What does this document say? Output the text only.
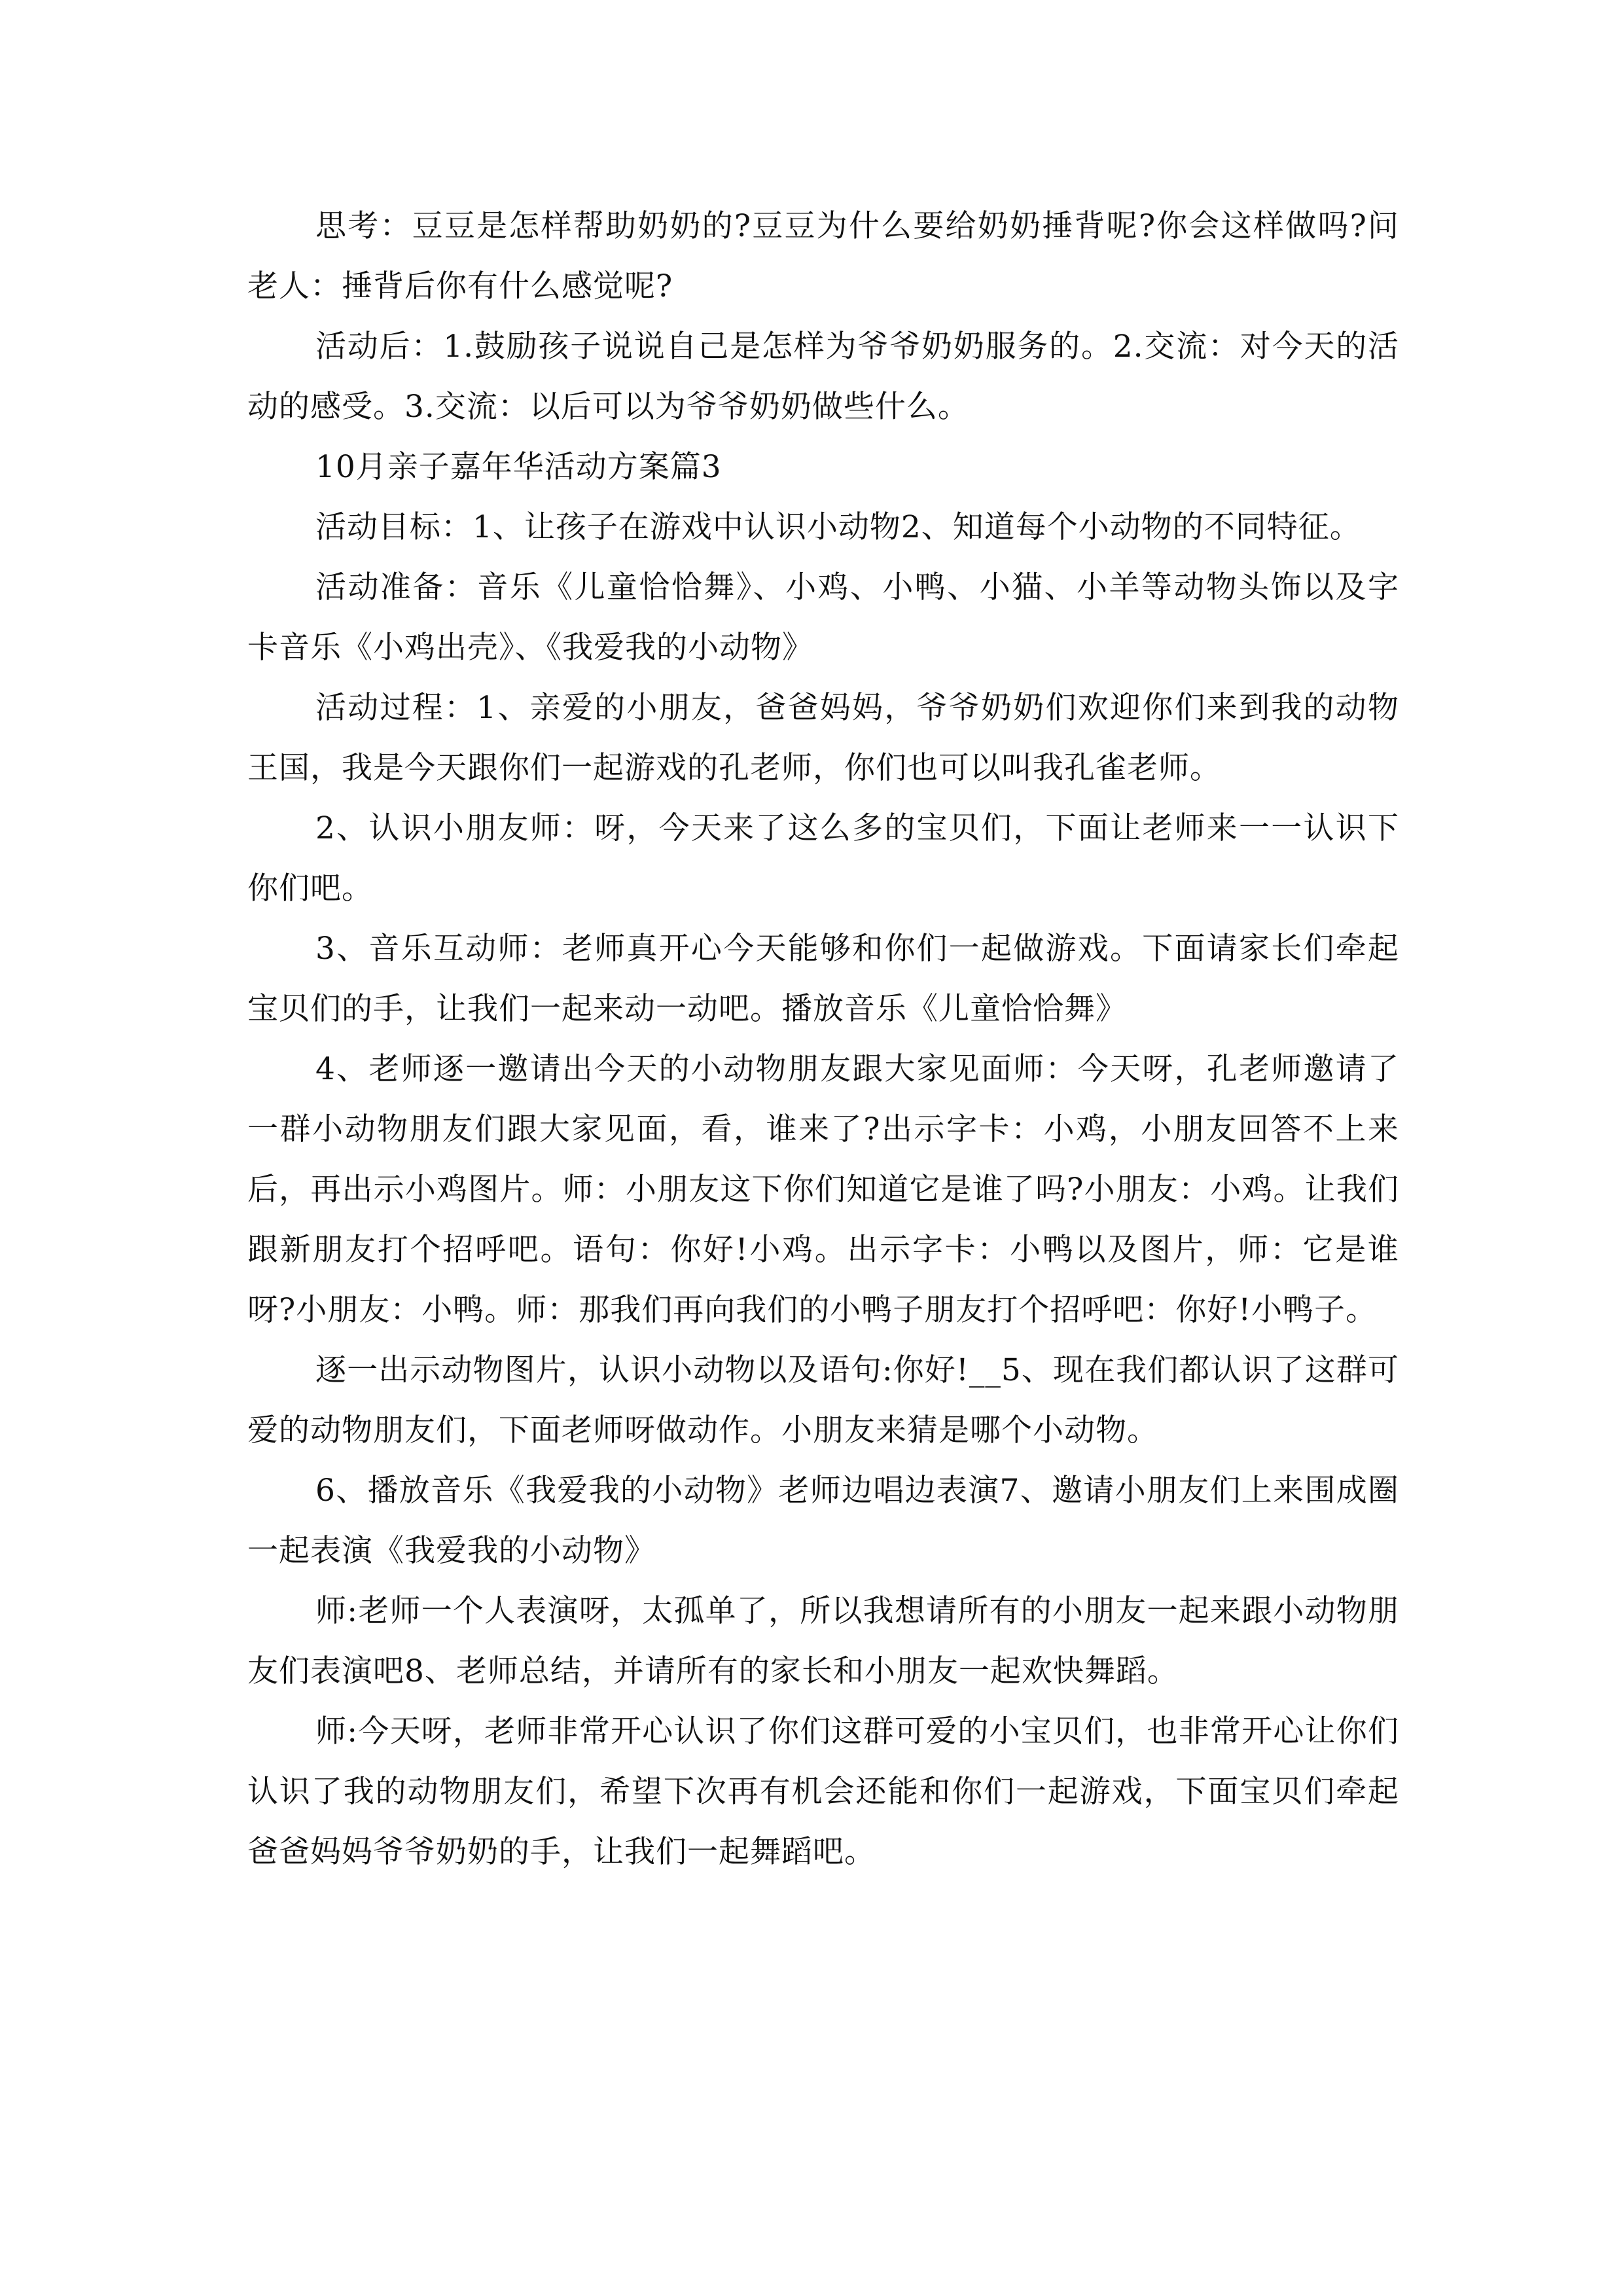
思考：豆豆是怎样帮助奶奶的?豆豆为什么要给奶奶捶背呢?你会这样做吗?问老人：捶背后你有什么感觉呢?

活动后：1.鼓励孩子说说自己是怎样为爷爷奶奶服务的。2.交流：对今天的活动的感受。3.交流：以后可以为爷爷奶奶做些什么。

10月亲子嘉年华活动方案篇3

活动目标：1、让孩子在游戏中认识小动物2、知道每个小动物的不同特征。

活动准备：音乐《儿童恰恰舞》、小鸡、小鸭、小猫、小羊等动物头饰以及字卡音乐《小鸡出壳》、《我爱我的小动物》

活动过程：1、亲爱的小朋友，爸爸妈妈，爷爷奶奶们欢迎你们来到我的动物王国，我是今天跟你们一起游戏的孔老师，你们也可以叫我孔雀老师。

2、认识小朋友师：呀，今天来了这么多的宝贝们，下面让老师来一一认识下你们吧。

3、音乐互动师：老师真开心今天能够和你们一起做游戏。下面请家长们牵起宝贝们的手，让我们一起来动一动吧。播放音乐《儿童恰恰舞》

4、老师逐一邀请出今天的小动物朋友跟大家见面师：今天呀，孔老师邀请了一群小动物朋友们跟大家见面，看，谁来了?出示字卡：小鸡，小朋友回答不上来后，再出示小鸡图片。师：小朋友这下你们知道它是谁了吗?小朋友：小鸡。让我们跟新朋友打个招呼吧。语句：你好!小鸡。出示字卡：小鸭以及图片，师：它是谁呀?小朋友：小鸭。师：那我们再向我们的小鸭子朋友打个招呼吧：你好!小鸭子。

逐一出示动物图片，认识小动物以及语句:你好!__5、现在我们都认识了这群可爱的动物朋友们，下面老师呀做动作。小朋友来猜是哪个小动物。

6、播放音乐《我爱我的小动物》老师边唱边表演7、邀请小朋友们上来围成圈一起表演《我爱我的小动物》

师:老师一个人表演呀，太孤单了，所以我想请所有的小朋友一起来跟小动物朋友们表演吧8、老师总结，并请所有的家长和小朋友一起欢快舞蹈。

师:今天呀，老师非常开心认识了你们这群可爱的小宝贝们，也非常开心让你们认识了我的动物朋友们，希望下次再有机会还能和你们一起游戏，下面宝贝们牵起爸爸妈妈爷爷奶奶的手，让我们一起舞蹈吧。
